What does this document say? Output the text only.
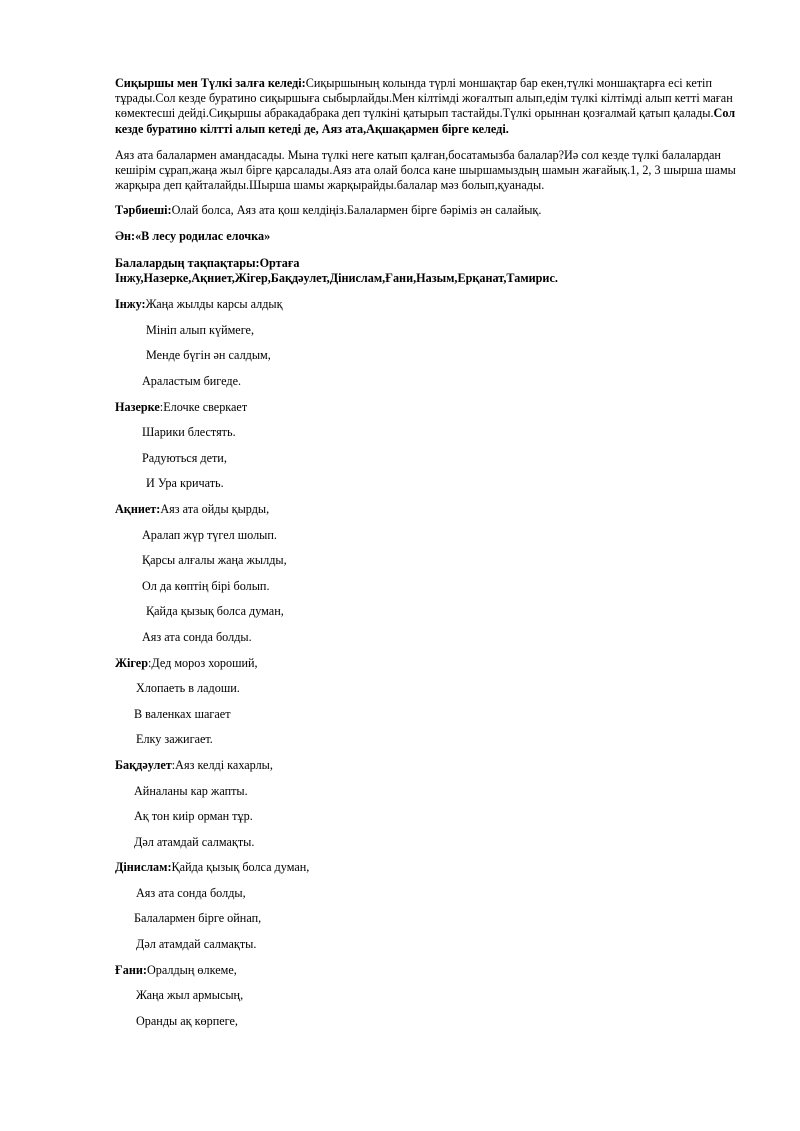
Сиқыршы мен Түлкі залға келеді:Сиқыршының колында түрлі моншақтар бар екен,түлкі моншақтарға есі кетіп тұрады.Сол кезде буратино сиқыршыға сыбырлайды.Мен кілтімді жоғалтып алып,едім түлкі кілтімді алып кетті маған көмектесші дейді.Сиқыршы абракадабрака деп түлкіні қатырып тастайды.Түлкі орыннан қозғалмай қатып қалады.Сол кезде буратино кілтті алып кетеді де, Аяз ата,Ақшақармен бірге келеді.

Аяз ата балалармен амандасады. Мына түлкі неге катып қалған,босатамызба балалар?Иә сол кезде түлкі балалардан кешірім сұрап,жаңа жыл бірге қарсалады.Аяз ата олай болса кане шыршамыздың шамын жағайық.1, 2, 3 шырша шамы жарқыра деп қайталайды.Шырша шамы жарқырайды.балалар мәз болып,қуанады.

Тәрбиеші:Олай болса, Аяз ата қош келдіңіз.Балалармен бірге бәріміз ән салайық.

Ән:«В лесу родилас елочка»

Балалардың тақпақтары:Ортаға

Інжу,Назерке,Ақниет,Жігер,Бақдәулет,Дінислам,Ғани,Назым,Ерқанат,Тамирис.

Інжу:Жаңа жылды карсы алдық

Мініп алып күймеге,

Менде бүгін ән салдым,

Араластым бигеде.

Назерке:Елочке сверкает

Шарики блестять.

Радуються дети,

И Ура кричать.

Ақниет:Аяз ата ойды қырды,

Аралап жүр түгел шолып.

Қарсы алғалы жаңа жылды,

Ол да көптің бірі болып.

Қайда қызық болса думан,

Аяз ата сонда болды.

Жігер:Дед мороз хороший,

Хлопаеть в ладоши.

В валенках шагает

Елку зажигает.

Бақдәулет:Аяз келді кахарлы,

Айналаны кар жапты.

Ақ тон киір орман тұр.

Дәл атамдай салмақты.

Дінислам:Қайда қызық болса думан,

Аяз ата сонда болды,

Балалармен бірге ойнап,

Дәл атамдай салмақты.

Ғани:Оралдың өлкеме,

Жаңа жыл армысың,

Оранды ақ көрпеге,
